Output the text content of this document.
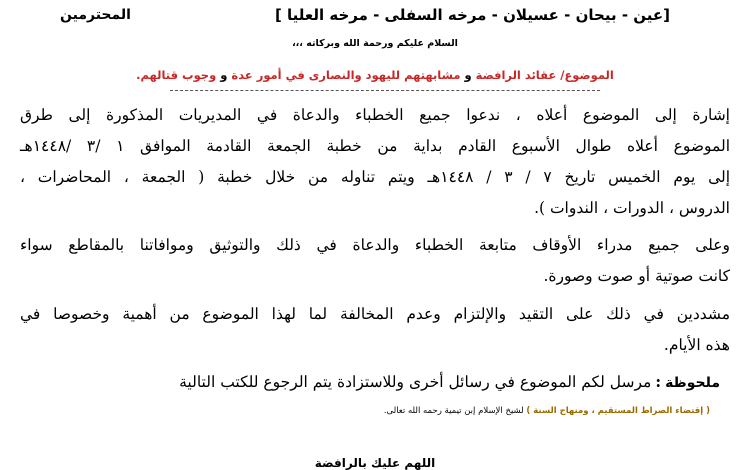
[عين - بيحان - عسيلان - مرخه السفلى - مرخه العليا ]
المحترمين
السلام عليكم ورحمة الله وبركاته ،،،
الموضوع/ عقائد الرافضة و مشابهتهم لليهود والنصارى في أمور عدة و وجوب قتالهم.
إشارة إلى الموضوع أعلاه ، ندعوا جميع الخطباء والدعاة في المديريات المذكورة إلى طرق
الموضوع أعلاه طوال الأسبوع القادم بداية من خطبة الجمعة القادمة الموافق ١ /٣ /١٤٤٨هـ
إلى يوم الخميس تاريخ ٧ / ٣ / ١٤٤٨هـ ويتم تناوله من خلال خطبة ( الجمعة ، المحاضرات ،
الدروس ، الدورات ، الندوات ).
وعلى جميع مدراء الأوقاف متابعة الخطباء والدعاة في ذلك والتوثيق وموافاتنا بالمقاطع سواء
كانت صوتية أو صوت وصورة.
مشددين في ذلك على التقيد والإلتزام وعدم المخالفة لما لهذا الموضوع من أهمية وخصوصا في
هذه الأيام.
ملحوظة:مرسل لكم الموضوع في رسائل أخرى وللاستزادة يتم الرجوع للكتب التالية
( إقتضاء الصراط المستقيم ، ومنهاج السنة ) لشيخ الإسلام إبن تيمية رحمه الله تعالى.
اللهم عليك بالرافضة
